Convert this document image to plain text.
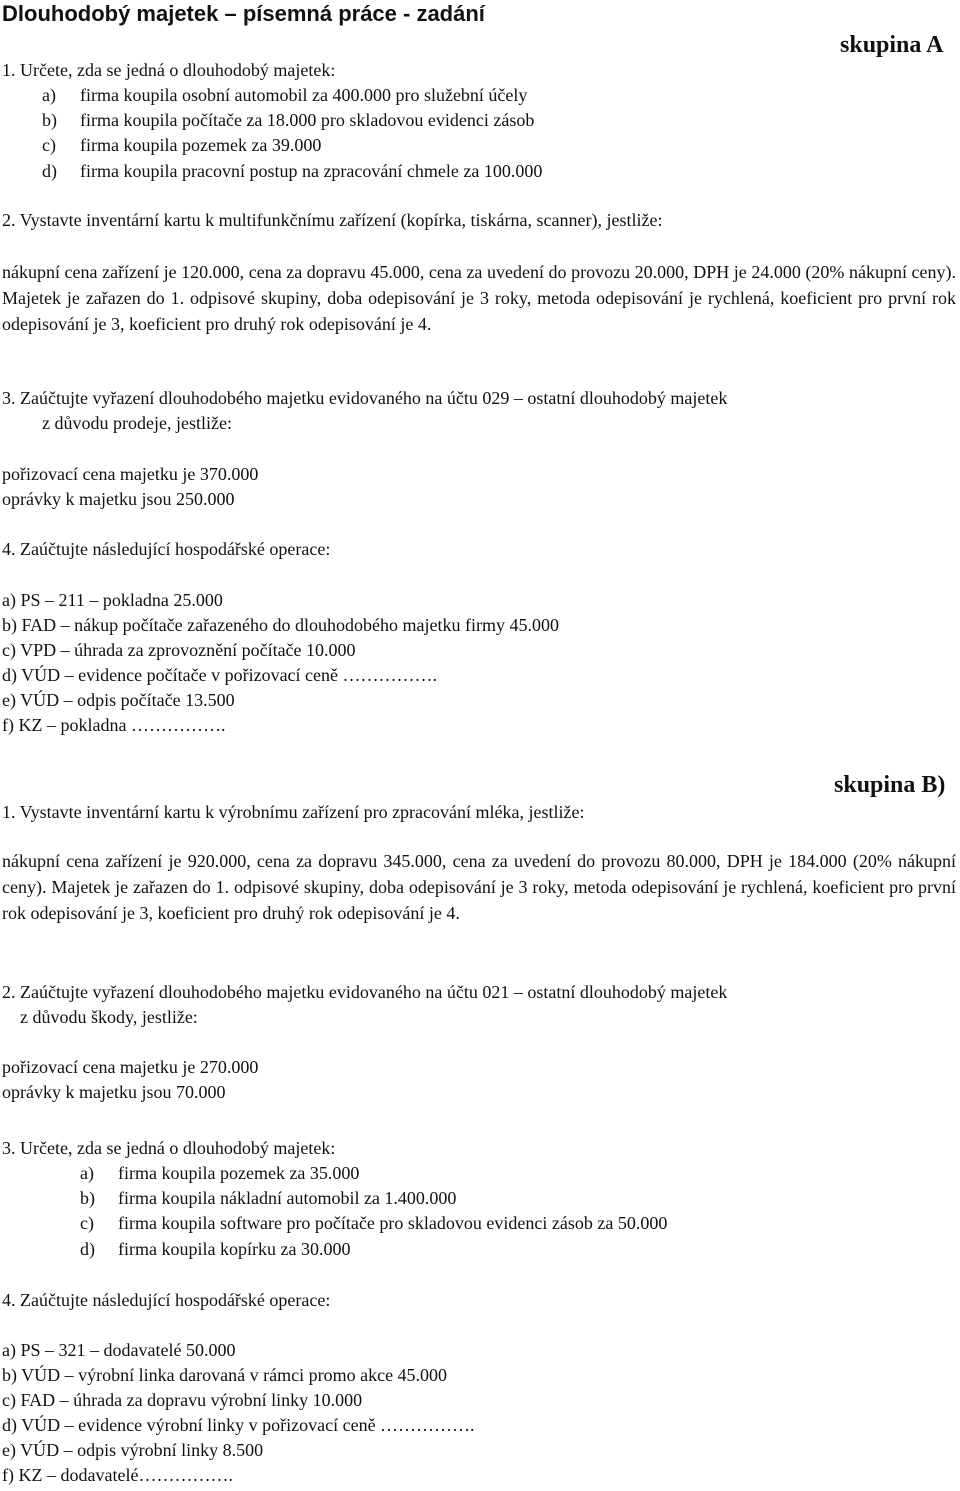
Dlouhodobý majetek – písemná práce - zadání
skupina A
1. Určete, zda se jedná o dlouhodobý majetek:
a) firma koupila osobní automobil za 400.000 pro služební účely
b) firma koupila počítače za 18.000 pro skladovou evidenci zásob
c) firma koupila pozemek za 39.000
d) firma koupila pracovní postup na zpracování chmele za 100.000
2. Vystavte inventární kartu k multifunkčnímu zařízení (kopírka, tiskárna, scanner), jestliže:
nákupní cena zařízení je 120.000, cena za dopravu 45.000, cena za uvedení do provozu 20.000, DPH je 24.000 (20% nákupní ceny). Majetek je zařazen do 1. odpisové skupiny, doba odepisování je 3 roky, metoda odepisování je rychlená, koeficient pro první rok odepisování je 3, koeficient pro druhý rok odepisování je 4.
3. Zaúčtujte vyřazení dlouhodobého majetku evidovaného na účtu 029 – ostatní dlouhodobý majetek
z důvodu prodeje, jestliže:
pořizovací cena majetku je 370.000
oprávky k majetku jsou 250.000
4. Zaúčtujte následující hospodářské operace:
a) PS – 211 – pokladna 25.000
b) FAD – nákup počítače zařazeného do dlouhodobého majetku firmy 45.000
c) VPD – úhrada za zprovoznění počítače 10.000
d) VÚD – evidence počítače v pořizovací ceně …………….
e) VÚD – odpis počítače 13.500
f) KZ – pokladna …………….
skupina B)
1. Vystavte inventární kartu k výrobnímu zařízení pro zpracování mléka, jestliže:
nákupní cena zařízení je 920.000, cena za dopravu 345.000, cena za uvedení do provozu 80.000, DPH je 184.000 (20% nákupní ceny). Majetek je zařazen do 1. odpisové skupiny, doba odepisování je 3 roky, metoda odepisování je rychlená, koeficient pro první rok odepisování je 3, koeficient pro druhý rok odepisování je 4.
2. Zaúčtujte vyřazení dlouhodobého majetku evidovaného na účtu 021 – ostatní dlouhodobý majetek
z důvodu škody, jestliže:
pořizovací cena majetku je 270.000
oprávky k majetku jsou 70.000
3. Určete, zda se jedná o dlouhodobý majetek:
a) firma koupila pozemek za 35.000
b) firma koupila nákladní automobil za 1.400.000
c) firma koupila software pro počítače pro skladovou evidenci zásob za 50.000
d) firma koupila kopírku za 30.000
4. Zaúčtujte následující hospodářské operace:
a) PS – 321 – dodavatelé 50.000
b) VÚD – výrobní linka darovaná v rámci promo akce 45.000
c) FAD – úhrada za dopravu výrobní linky 10.000
d) VÚD – evidence výrobní linky v pořizovací ceně …………….
e) VÚD – odpis výrobní linky 8.500
f) KZ – dodavatelé…………….
